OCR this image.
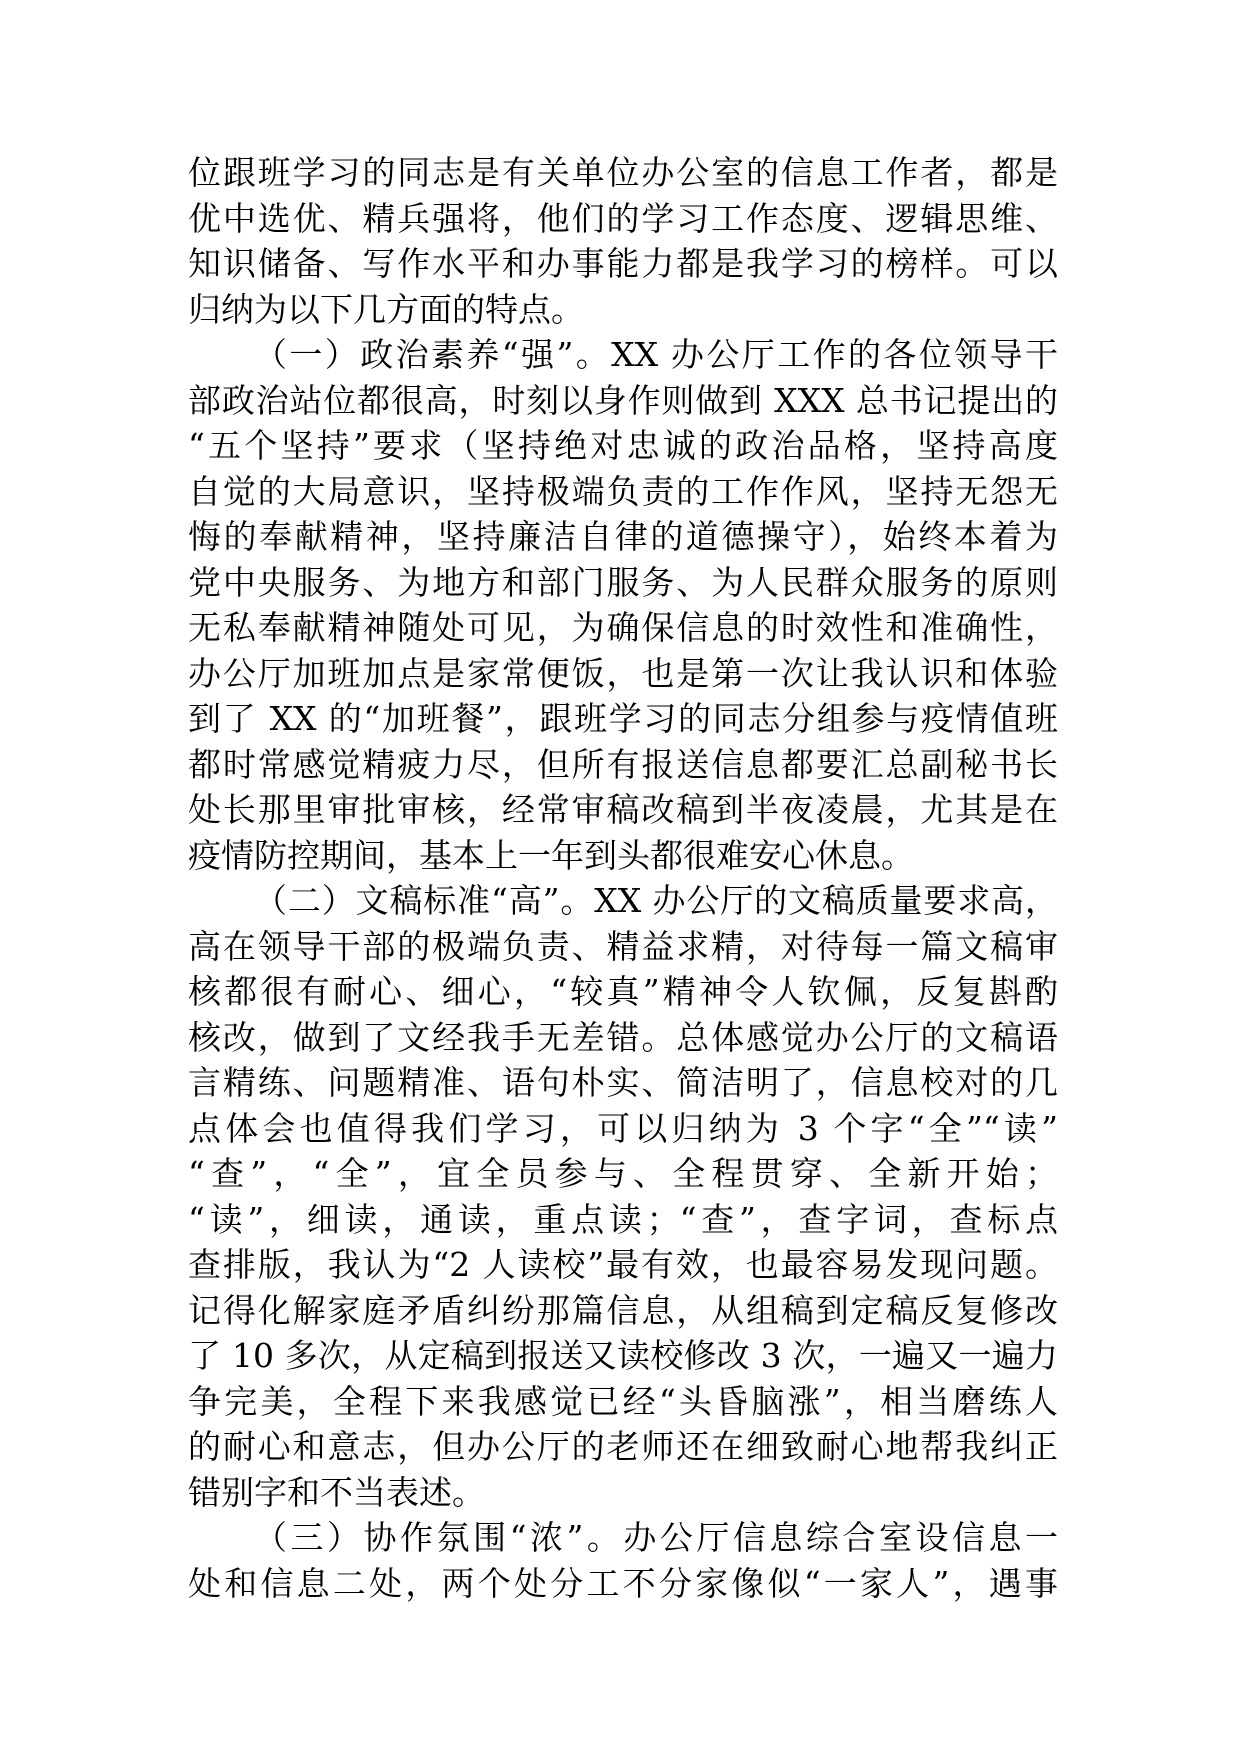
位跟班学习的同志是有关单位办公室的信息工作者，都是
优中选优、精兵强将，他们的学习工作态度、逻辑思维、
知识储备、写作水平和办事能力都是我学习的榜样。可以
归纳为以下几方面的特点。
（一）政治素养“强”。XX 办公厅工作的各位领导干
部政治站位都很高，时刻以身作则做到 XXX 总书记提出的
“五个坚持”要求（坚持绝对忠诚的政治品格，坚持高度
自觉的大局意识，坚持极端负责的工作作风，坚持无怨无
悔的奉献精神，坚持廉洁自律的道德操守），始终本着为
党中央服务、为地方和部门服务、为人民群众服务的原则
无私奉献精神随处可见，为确保信息的时效性和准确性，
办公厅加班加点是家常便饭，也是第一次让我认识和体验
到了 XX 的“加班餐”，跟班学习的同志分组参与疫情值班
都时常感觉精疲力尽，但所有报送信息都要汇总副秘书长
处长那里审批审核，经常审稿改稿到半夜凌晨，尤其是在
疫情防控期间，基本上一年到头都很难安心休息。
（二）文稿标准“高”。XX 办公厅的文稿质量要求高，
高在领导干部的极端负责、精益求精，对待每一篇文稿审
核都很有耐心、细心，“较真”精神令人钦佩，反复斟酌
核改，做到了文经我手无差错。总体感觉办公厅的文稿语
言精练、问题精准、语句朴实、简洁明了，信息校对的几
点体会也值得我们学习，可以归纳为 3 个字“全”“读”
“查”，“全”，宜全员参与、全程贯穿、全新开始；
“读”，细读，通读，重点读；“查”，查字词，查标点
查排版，我认为“2 人读校”最有效，也最容易发现问题。
记得化解家庭矛盾纠纷那篇信息，从组稿到定稿反复修改
了 10 多次，从定稿到报送又读校修改 3 次，一遍又一遍力
争完美，全程下来我感觉已经“头昏脑涨”，相当磨练人
的耐心和意志，但办公厅的老师还在细致耐心地帮我纠正
错别字和不当表述。
（三）协作氛围“浓”。办公厅信息综合室设信息一
处和信息二处，两个处分工不分家像似“一家人”，遇事
